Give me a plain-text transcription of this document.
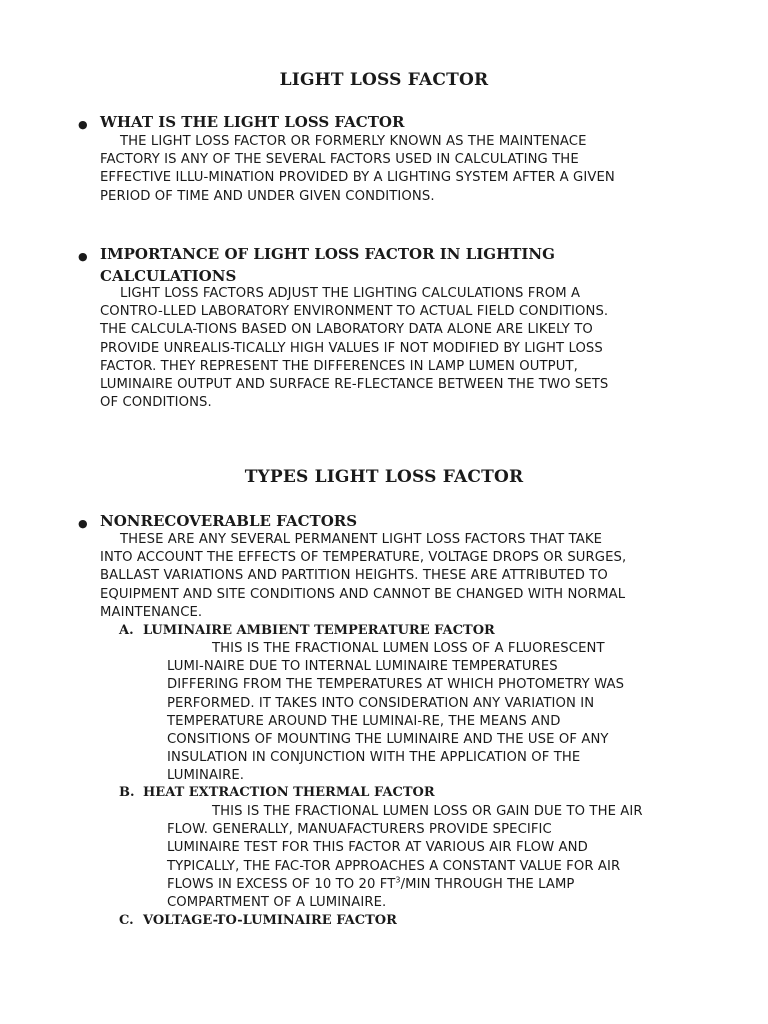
LIGHT LOSS FACTOR
● WHAT IS THE LIGHT LOSS FACTOR
THE LIGHT LOSS FACTOR OR FORMERLY KNOWN AS THE MAINTENACE
FACTORY IS ANY OF THE SEVERAL FACTORS USED IN CALCULATING THE
EFFECTIVE ILLU-MINATION PROVIDED BY A LIGHTING SYSTEM AFTER A GIVEN
PERIOD OF TIME AND UNDER GIVEN CONDITIONS.
● IMPORTANCE OF LIGHT LOSS FACTOR IN LIGHTING
CALCULATIONS
LIGHT LOSS FACTORS ADJUST THE LIGHTING CALCULATIONS FROM A
CONTRO-LLED LABORATORY ENVIRONMENT TO ACTUAL FIELD CONDITIONS.
THE CALCULA-TIONS BASED ON LABORATORY DATA ALONE ARE LIKELY TO
PROVIDE UNREALIS-TICALLY HIGH VALUES IF NOT MODIFIED BY LIGHT LOSS
FACTOR. THEY REPRESENT THE DIFFERENCES IN LAMP LUMEN OUTPUT,
LUMINAIRE OUTPUT AND SURFACE RE-FLECTANCE BETWEEN THE TWO SETS
OF CONDITIONS.
TYPES LIGHT LOSS FACTOR
● NONRECOVERABLE FACTORS
THESE ARE ANY SEVERAL PERMANENT LIGHT LOSS FACTORS THAT TAKE
INTO ACCOUNT THE EFFECTS OF TEMPERATURE, VOLTAGE DROPS OR SURGES,
BALLAST VARIATIONS AND PARTITION HEIGHTS. THESE ARE ATTRIBUTED TO
EQUIPMENT AND SITE CONDITIONS AND CANNOT BE CHANGED WITH NORMAL
MAINTENANCE.
A. LUMINAIRE AMBIENT TEMPERATURE FACTOR
THIS IS THE FRACTIONAL LUMEN LOSS OF A FLUORESCENT
LUMI-NAIRE DUE TO INTERNAL LUMINAIRE TEMPERATURES
DIFFERING FROM THE TEMPERATURES AT WHICH PHOTOMETRY WAS
PERFORMED. IT TAKES INTO CONSIDERATION ANY VARIATION IN
TEMPERATURE AROUND THE LUMINAI-RE, THE MEANS AND
CONSITIONS OF MOUNTING THE LUMINAIRE AND THE USE OF ANY
INSULATION IN CONJUNCTION WITH THE APPLICATION OF THE
LUMINAIRE.
B. HEAT EXTRACTION THERMAL FACTOR
THIS IS THE FRACTIONAL LUMEN LOSS OR GAIN DUE TO THE AIR
FLOW. GENERALLY, MANUAFACTURERS PROVIDE SPECIFIC
LUMINAIRE TEST FOR THIS FACTOR AT VARIOUS AIR FLOW AND
TYPICALLY, THE FAC-TOR APPROACHES A CONSTANT VALUE FOR AIR
FLOWS IN EXCESS OF 10 TO 20 $FT^3$/MIN THROUGH THE LAMP
COMPARTMENT OF A LUMINAIRE.
C. VOLTAGE-TO-LUMINAIRE FACTOR
